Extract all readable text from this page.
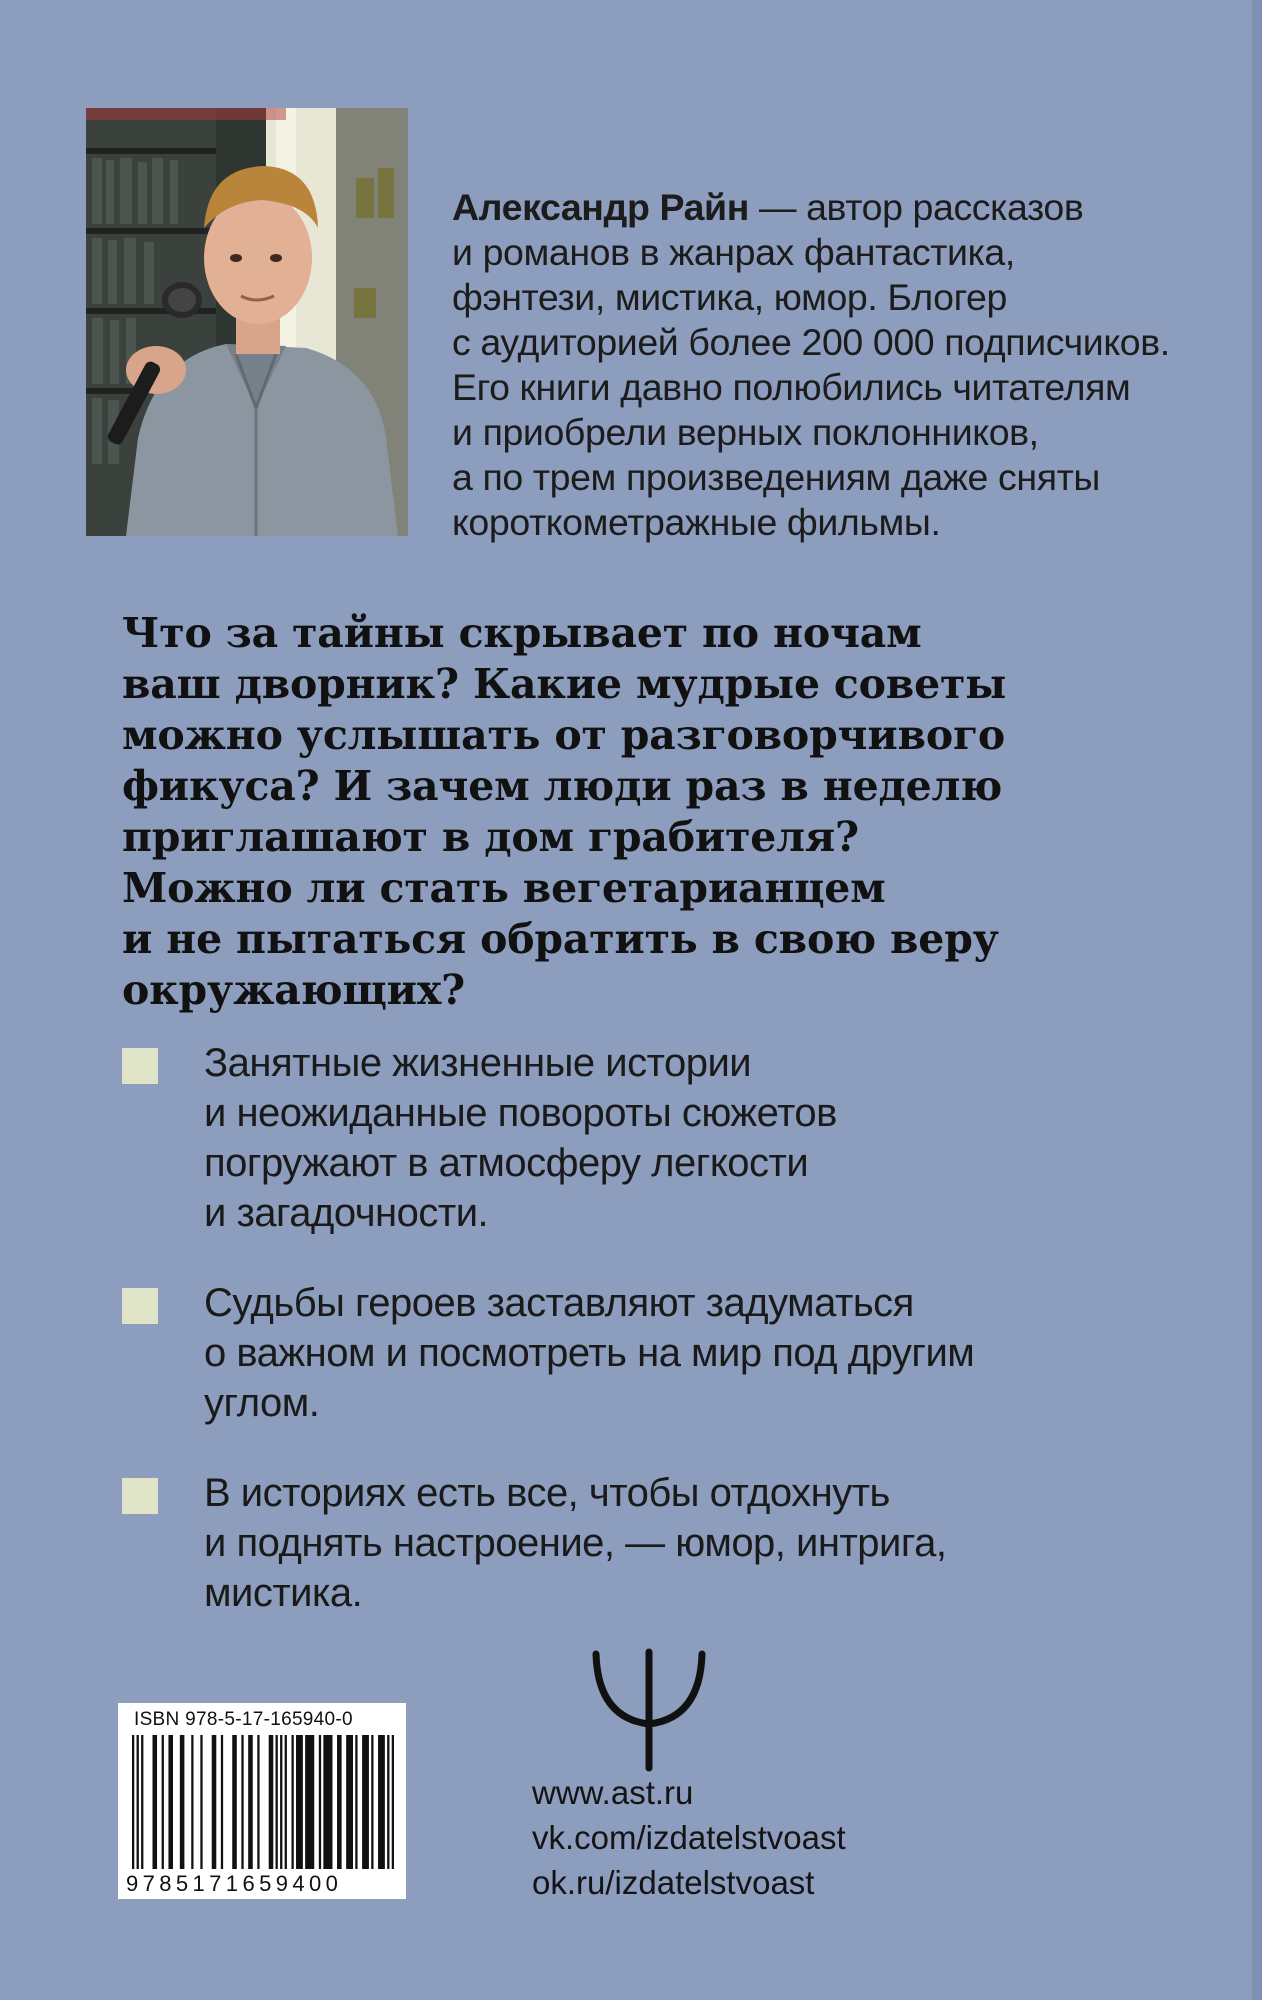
Александр Райн — автор рассказов

и романов в жанрах фантастика,

фэнтези, мистика, юмор. Блогер

с аудиторией более 200 000 подписчиков.

Его книги давно полюбились читателям

и приобрели верных поклонников,

а по трем произведениям даже сняты

короткометражные фильмы.

Что за тайны скрывает по ночам

ваш дворник? Какие мудрые советы

можно услышать от разговорчивого

фикуса? И зачем люди раз в неделю

приглашают в дом грабителя?

Можно ли стать вегетарианцем

и не пытаться обратить в свою веру

окружающих?

Занятные жизненные истории

и неожиданные повороты сюжетов

погружают в атмосферу легкости

и загадочности.

Судьбы героев заставляют задуматься

о важном и посмотреть на мир под другим

углом.

В историях есть все, чтобы отдохнуть

и поднять настроение, — юмор, интрига,

мистика.

ISBN 978-5-17-165940-0
9785171659400
www.ast.ru
vk.com/izdatelstvoast
ok.ru/izdatelstvoast
